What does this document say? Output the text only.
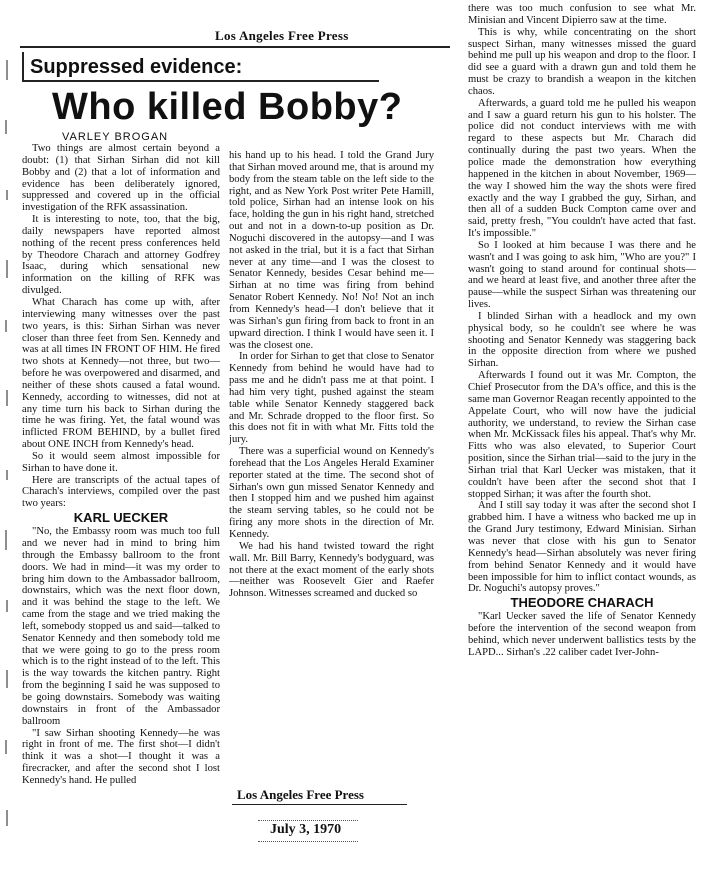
Los Angeles Free Press
Suppressed evidence:
Who killed Bobby?
VARLEY BROGAN

Two things are almost certain beyond a doubt: (1) that Sirhan Sirhan did not kill Bobby and (2) that a lot of information and evidence has been deliberately ignored, suppressed and covered up in the official investigation of the RFK assassination.

It is interesting to note, too, that the big, daily newspapers have reported almost nothing of the recent press conferences held by Theodore Charach and attorney Godfrey Isaac, during which sensational new information on the killing of RFK was divulged.

What Charach has come up with, after interviewing many witnesses over the past two years, is this: Sirhan Sirhan was never closer than three feet from Sen. Kennedy and was at all times IN FRONT OF HIM. He fired two shots at Kennedy—not three, but two—before he was overpowered and disarmed, and neither of these shots caused a fatal wound. Kennedy, according to witnesses, did not at any time turn his back to Sirhan during the time he was firing. Yet, the fatal wound was inflicted FROM BEHIND, by a bullet fired about ONE INCH from Kennedy's head.

So it would seem almost impossible for Sirhan to have done it.

Here are transcripts of the actual tapes of Charach's interviews, compiled over the past two years:

KARL UECKER

"No, the Embassy room was much too full and we never had in mind to bring him through the Embassy ballroom to the front doors. We had in mind—it was my order to bring him down to the Ambassador ballroom, downstairs, which was the next floor down, and it was behind the stage to the left. We came from the stage and we tried making the left, somebody stopped us and said—talked to Senator Kennedy and then somebody told me that we were going to go to the press room which is to the right instead of to the left. This is the way towards the kitchen pantry. Right from the beginning I said he was supposed to be going downstairs. Somebody was waiting downstairs in front of the Ambassador ballroom

"I saw Sirhan shooting Kennedy—he was right in front of me. The first shot—I didn't think it was a shot—I thought it was a firecracker, and after the second shot I lost Kennedy's hand. He pulled

his hand up to his head. I told the Grand Jury that Sirhan moved around me, that is around my body from the steam table on the left side to the right, and as New York Post writer Pete Hamill, told police, Sirhan had an intense look on his face, holding the gun in his right hand, stretched out and not in a down-to-up position as Dr. Noguchi discovered in the autopsy—and I was not asked in the trial, but it is a fact that Sirhan never at any time—and I was the closest to Senator Kennedy, besides Cesar behind me—Sirhan at no time was firing from behind Senator Robert Kennedy. No! No! Not an inch from Kennedy's head—I don't believe that it was Sirhan's gun firing from back to front in an upward direction. I think I would have seen it. I was the closest one.

In order for Sirhan to get that close to Senator Kennedy from behind he would have had to pass me and he didn't pass me at that point. I had him very tight, pushed against the steam table while Senator Kennedy staggered back and Mr. Schrade dropped to the floor first. So this does not fit in with what Mr. Fitts told the jury.

There was a superficial wound on Kennedy's forehead that the Los Angeles Herald Examiner reporter stated at the time. The second shot of Sirhan's own gun missed Senator Kennedy and then I stopped him and we pushed him against the steam serving tables, so he could not be firing any more shots in the direction of Mr. Kennedy.

We had his hand twisted toward the right wall. Mr. Bill Barry, Kennedy's bodyguard, was not there at the exact moment of the early shots—neither was Roosevelt Gier and Raefer Johnson. Witnesses screamed and ducked so

Los Angeles Free Press
July 3, 1970

there was too much confusion to see what Mr. Minisian and Vincent Dipierro saw at the time.

This is why, while concentrating on the short suspect Sirhan, many witnesses missed the guard behind me pull up his weapon and drop to the floor. I did see a guard with a drawn gun and told them he must be crazy to brandish a weapon in the kitchen chaos.

Afterwards, a guard told me he pulled his weapon and I saw a guard return his gun to his holster. The police did not conduct interviews with me with regard to these aspects but Mr. Charach did continually during the past two years. When the police made the demonstration how everything happened in the kitchen in about November, 1969—the way I showed him the way the shots were fired exactly and the way I grabbed the guy, Sirhan, and then all of a sudden Buck Compton came over and said, pretty fresh, "You couldn't have acted that fast. It's impossible."

So I looked at him because I was there and he wasn't and I was going to ask him, "Who are you?" I wasn't going to stand around for continual shots—and we heard at least five, and another three after the pause—while the suspect Sirhan was threatening our lives.

I blinded Sirhan with a headlock and my own physical body, so he couldn't see where he was shooting and Senator Kennedy was staggering back in the opposite direction from where we pushed Sirhan.

Afterwards I found out it was Mr. Compton, the Chief Prosecutor from the DA's office, and this is the same man Governor Reagan recently appointed to the Appelate Court, who will now have the judicial authority, we understand, to review the Sirhan case when Mr. McKissack files his appeal. That's why Mr. Fitts who was also elevated, to Superior Court position, since the Sirhan trial—said to the jury in the Sirhan trial that Karl Uecker was mistaken, that it couldn't have been after the second shot that I stopped Sirhan; it was after the fourth shot.

And I still say today it was after the second shot I grabbed him. I have a witness who backed me up in the Grand Jury testimony, Edward Minisian. Sirhan was never that close with his gun to Senator Kennedy's head—Sirhan absolutely was never firing from behind Senator Kennedy and it would have been impossible for him to inflict contact wounds, as Dr. Noguchi's autopsy proves."

THEODORE CHARACH

"Karl Uecker saved the life of Senator Kennedy before the intervention of the second weapon from behind, which never underwent ballistics tests by the LAPD... Sirhan's .22 caliber cadet Iver-John-
